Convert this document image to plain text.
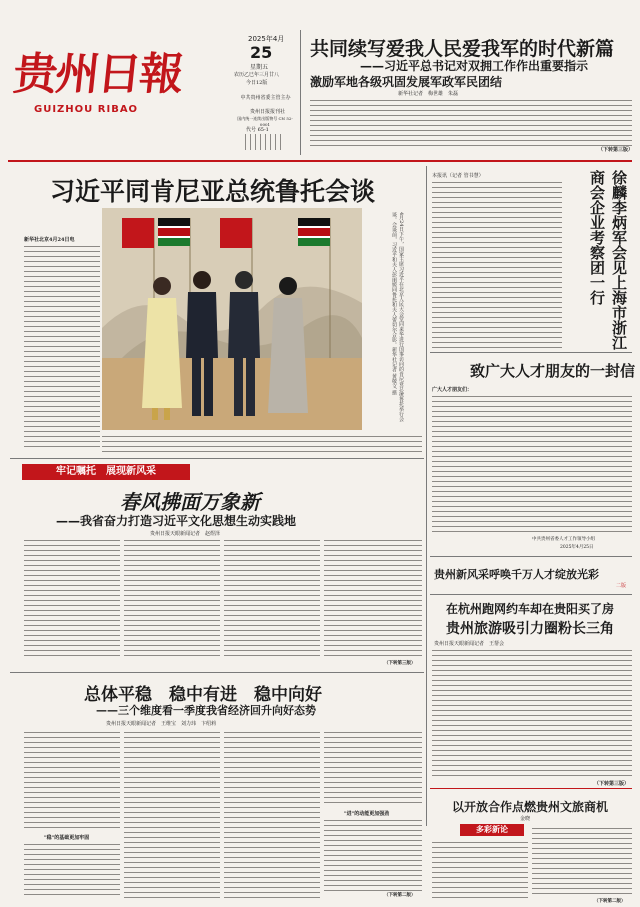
贵州日報
GUIZHOU RIBAO
2025年4月
25
星期五
农历乙巳年三月廿八
今日12版
中共贵州省委主管主办
贵州日报报刊社
国内统一连续出版物号 CN 52-0001
代号 65-1
共同续写爱我人民爱我军的时代新篇
——习近平总书记对双拥工作作出重要指示
激励军地各级巩固发展军政军民团结
新华社记者　梅世雄　朱磊
（下转第三版）
习近平同肯尼亚总统鲁托会谈
新华社北京4月24日电	4月24日下午，国家主席习近平在北京人民大会堂同来华进行国事访问的肯尼亚总统鲁托举行会谈。会谈前，习近平和夫人彭丽媛同鲁托和夫人蕾切尔合影。新华社记者 黄敬文 摄	徐麟李炳军会见上海市浙江商会企业考察团一行
本报讯（记者 管书慧）
致广大人才朋友的一封信
广大人才朋友们：
中共贵州省委人才工作领导小组
2025年4月25日
贵州新风采呼唤千万人才绽放光彩
二版
在杭州跑网约车却在贵阳买了房
贵州旅游吸引力圈粉长三角
贵州日报天眼新闻记者　王帮会
（下转第三版）
以开放合作点燃贵州文旅商机
金晓
多彩新论
（下转第二版）
牢记嘱托　展现新风采
春风拂面万象新
——我省奋力打造习近平文化思想生动实践地
贵州日报天眼新闻记者　赵煜泽
（下转第三版）
总体平稳　稳中有进　稳中向好
——三个维度看一季度我省经济回升向好态势
贵州日报天眼新闻记者　王维宝　刘力玮　卞绍莉
"稳"的基础更加牢固
"进"的动能更加强劲
（下转第二版）
